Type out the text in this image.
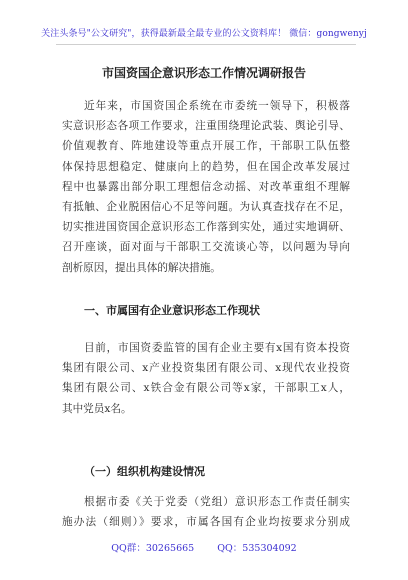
关注头条号"公文研究"，获得最新最全最专业的公文资料库！ 微信：gongwenyj
市国资国企意识形态工作情况调研报告
近年来，市国资国企系统在市委统一领导下，积极落
实意识形态各项工作要求，注重围绕理论武装、舆论引导、
价值观教育、阵地建设等重点开展工作，干部职工队伍整
体保持思想稳定、健康向上的趋势，但在国企改革发展过
程中也暴露出部分职工理想信念动摇、对改革重组不理解
有抵触、企业脱困信心不足等问题。为认真查找存在不足，
切实推进国资国企意识形态工作落到实处，通过实地调研、
召开座谈，面对面与干部职工交流谈心等，以问题为导向
剖析原因，提出具体的解决措施。
一、市属国有企业意识形态工作现状
目前，市国资委监管的国有企业主要有x国有资本投资
集团有限公司、x产业投资集团有限公司、x现代农业投资
集团有限公司、x铁合金有限公司等x家，干部职工x人，
其中党员x名。
（一）组织机构建设情况
根据市委《关于党委（党组）意识形态工作责任制实
施办法（细则）》要求，市属各国有企业均按要求分别成
QQ群：30265665 QQ：535304092
